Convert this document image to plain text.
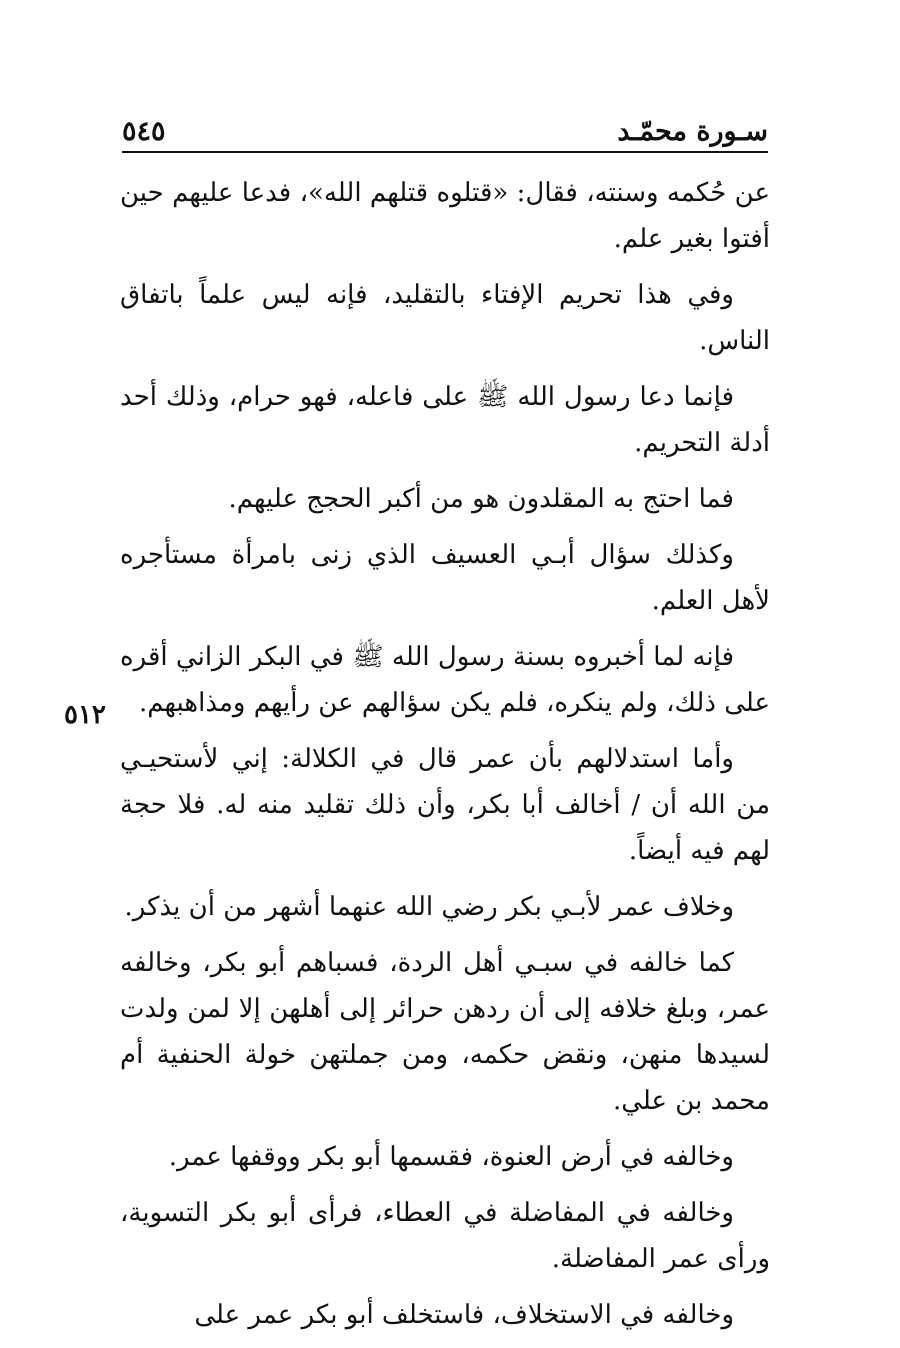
سـورة محمّـد
٥٤٥
٥١٢

عن حُكمه وسنته، فقال: «قتلوه قتلهم الله»، فدعا عليهم حين أفتوا بغير علم.

وفي هذا تحريم الإفتاء بالتقليد، فإنه ليس علماً باتفاق الناس.

فإنما دعا رسول الله ﷺ على فاعله، فهو حرام، وذلك أحد أدلة التحريم.

فما احتج به المقلدون هو من أكبر الحجج عليهم.

وكذلك سؤال أبـي العسيف الذي زنى بامرأة مستأجره لأهل العلم.

فإنه لما أخبروه بسنة رسول الله ﷺ في البكر الزاني أقره على ذلك، ولم ينكره، فلم يكن سؤالهم عن رأيهم ومذاهبهم.

وأما استدلالهم بأن عمر قال في الكلالة: إني لأستحيـي من الله أن / أخالف أبا بكر، وأن ذلك تقليد منه له. فلا حجة لهم فيه أيضاً.

وخلاف عمر لأبـي بكر رضي الله عنهما أشهر من أن يذكر.

كما خالفه في سبـي أهل الردة، فسباهم أبو بكر، وخالفه عمر، وبلغ خلافه إلى أن ردهن حرائر إلى أهلهن إلا لمن ولدت لسيدها منهن، ونقض حكمه، ومن جملتهن خولة الحنفية أم محمد بن علي.

وخالفه في أرض العنوة، فقسمها أبو بكر ووقفها عمر.

وخالفه في المفاضلة في العطاء، فرأى أبو بكر التسوية، ورأى عمر المفاضلة.

وخالفه في الاستخلاف، فاستخلف أبو بكر عمر على
